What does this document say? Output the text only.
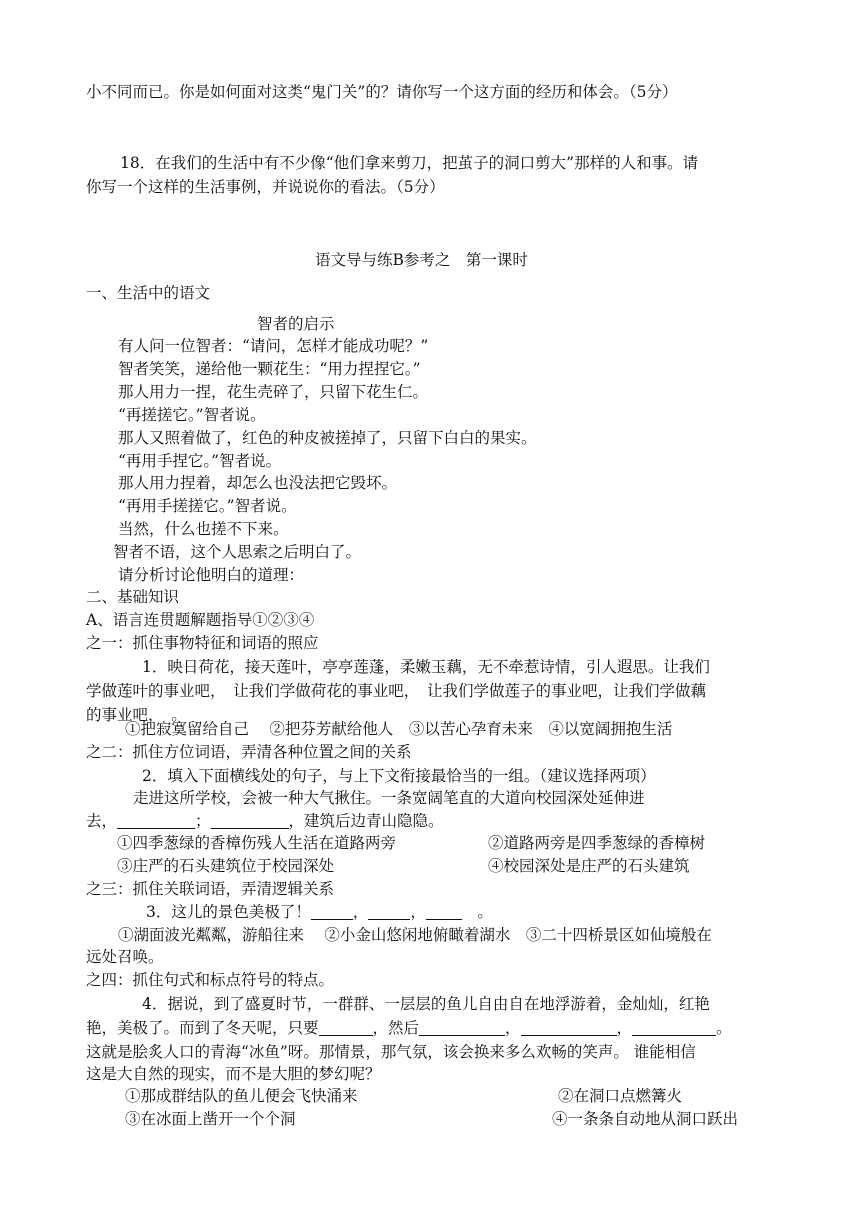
小不同而已。你是如何面对这类“鬼门关”的？请你写一个这方面的经历和体会。（5分）
18．在我们的生活中有不少像“他们拿来剪刀，把茧子的洞口剪大”那样的人和事。请
你写一个这样的生活事例，并说说你的看法。（5分）
语文导与练B参考之　第一课时
一、生活中的语文
智者的启示
有人问一位智者：“请问，怎样才能成功呢？”
智者笑笑，递给他一颗花生：“用力捏捏它。”
那人用力一捏，花生壳碎了，只留下花生仁。
“再搓搓它。”智者说。
那人又照着做了，红色的种皮被搓掉了，只留下白白的果实。
“再用手捏它。”智者说。
那人用力捏着，却怎么也没法把它毁坏。
“再用手搓搓它。”智者说。
当然，什么也搓不下来。
智者不语，这个人思索之后明白了。
请分析讨论他明白的道理：
二、基础知识
A、语言连贯题解题指导①②③④
之一：抓住事物特征和词语的照应
1．映日荷花，接天莲叶，亭亭莲蓬，柔嫩玉藕，无不牵惹诗情，引人遐思。让我们
学做莲叶的事业吧，　让我们学做荷花的事业吧，　让我们学做莲子的事业吧，让我们学做藕
的事业吧，　。
①把寂寞留给自己　 ②把芬芳献给他人　③以苦心孕育未来　④以宽阔拥抱生活
之二：抓住方位词语，弄清各种位置之间的关系
2．填入下面横线处的句子，与上下文衔接最恰当的一组。（建议选择两项）
走进这所学校，会被一种大气揪住。一条宽阔笔直的大道向校园深处延伸进
去，	；	，建筑后边青山隐隐。
①四季葱绿的香樟伤残人生活在道路两旁	②道路两旁是四季葱绿的香樟树
③庄严的石头建筑位于校园深处	④校园深处是庄严的石头建筑
之三：抓住关联词语，弄清逻辑关系
3．这儿的景色美极了！	，	，　。
①湖面波光粼粼，游船往来　 ②小金山悠闲地俯瞰着湖水　③二十四桥景区如仙境般在
远处召唤。
之四：抓住句式和标点符号的特点。
4．据说，到了盛夏时节，一群群、一层层的鱼儿自由自在地浮游着，金灿灿，红艳
艳，美极了。而到了冬天呢，只要	，然后	，	，	。
这就是脍炙人口的青海“冰鱼”呀。那情景，那气氛，该会换来多么欢畅的笑声。 谁能相信
这是大自然的现实，而不是大胆的梦幻呢？
①那成群结队的鱼儿便会飞快涌来	②在洞口点燃篝火
③在冰面上凿开一个个洞	④一条条自动地从洞口跃出
